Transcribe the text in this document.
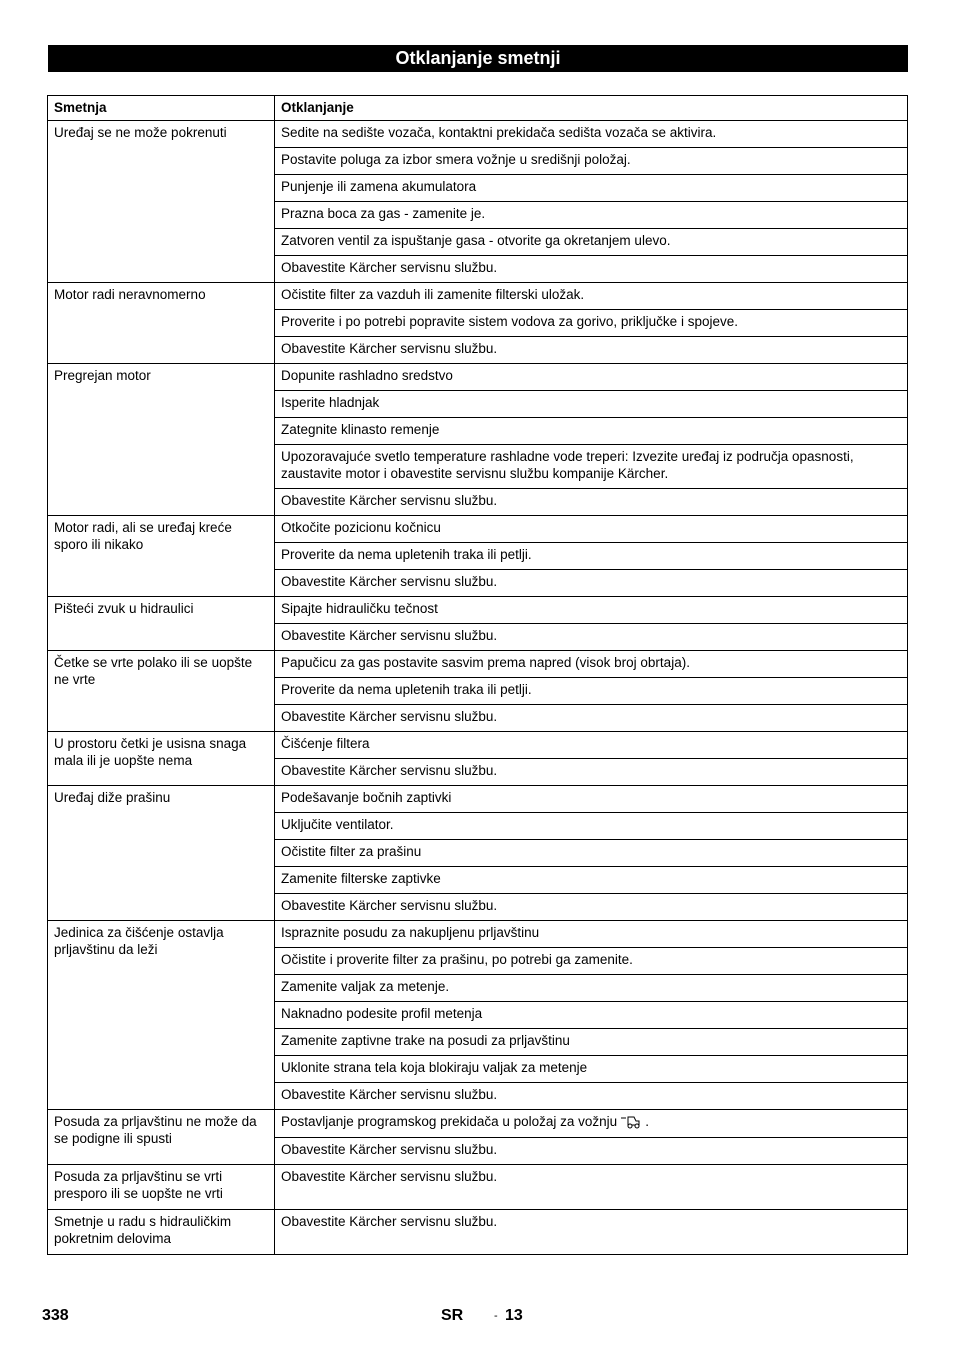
Otklanjanje smetnji
Smetnja	Otklanjanje
Uređaj se ne može pokrenuti	Sedite na sedište vozača, kontaktni prekidača sedišta vozača se aktivira.
	Postavite poluga za izbor smera vožnje u središnji položaj.
	Punjenje ili zamena akumulatora
	Prazna boca za gas - zamenite je.
	Zatvoren ventil za ispuštanje gasa - otvorite ga okretanjem ulevo.
	Obavestite Kärcher servisnu službu.
Motor radi neravnomerno	Očistite filter za vazduh ili zamenite filterski uložak.
	Proverite i po potrebi popravite sistem vodova za gorivo, priključke i spojeve.
	Obavestite Kärcher servisnu službu.
Pregrejan motor	Dopunite rashladno sredstvo
	Isperite hladnjak
	Zategnite klinasto remenje
	Upozoravajuće svetlo temperature rashladne vode treperi: Izvezite uređaj iz područja opasnosti, zaustavite motor i obavestite servisnu službu kompanije Kärcher.
	Obavestite Kärcher servisnu službu.
Motor radi, ali se uređaj kreće sporo ili nikako	Otkočite pozicionu kočnicu
	Proverite da nema upletenih traka ili petlji.
	Obavestite Kärcher servisnu službu.
Pišteći zvuk u hidraulici	Sipajte hidrauličku tečnost
	Obavestite Kärcher servisnu službu.
Četke se vrte polako ili se uopšte ne vrte	Papučicu za gas postavite sasvim prema napred (visok broj obrtaja).
	Proverite da nema upletenih traka ili petlji.
	Obavestite Kärcher servisnu službu.
U prostoru četki je usisna snaga mala ili je uopšte nema	Čišćenje filtera
	Obavestite Kärcher servisnu službu.
Uređaj diže prašinu	Podešavanje bočnih zaptivki
	Uključite ventilator.
	Očistite filter za prašinu
	Zamenite filterske zaptivke
	Obavestite Kärcher servisnu službu.
Jedinica za čišćenje ostavlja prljavštinu da leži	Ispraznite posudu za nakupljenu prljavštinu
	Očistite i proverite filter za prašinu, po potrebi ga zamenite.
	Zamenite valjak za metenje.
	Naknadno podesite profil metenja
	Zamenite zaptivne trake na posudi za prljavštinu
	Uklonite strana tela koja blokiraju valjak za metenje
	Obavestite Kärcher servisnu službu.
Posuda za prljavštinu ne može da se podigne ili spusti	Postavljanje programskog prekidača u položaj za vožnju .
	Obavestite Kärcher servisnu službu.
Posuda za prljavštinu se vrti presporo ili se uopšte ne vrti	Obavestite Kärcher servisnu službu.
Smetnje u radu s hidrauličkim pokretnim delovima	Obavestite Kärcher servisnu službu.
338	SR	- 13
